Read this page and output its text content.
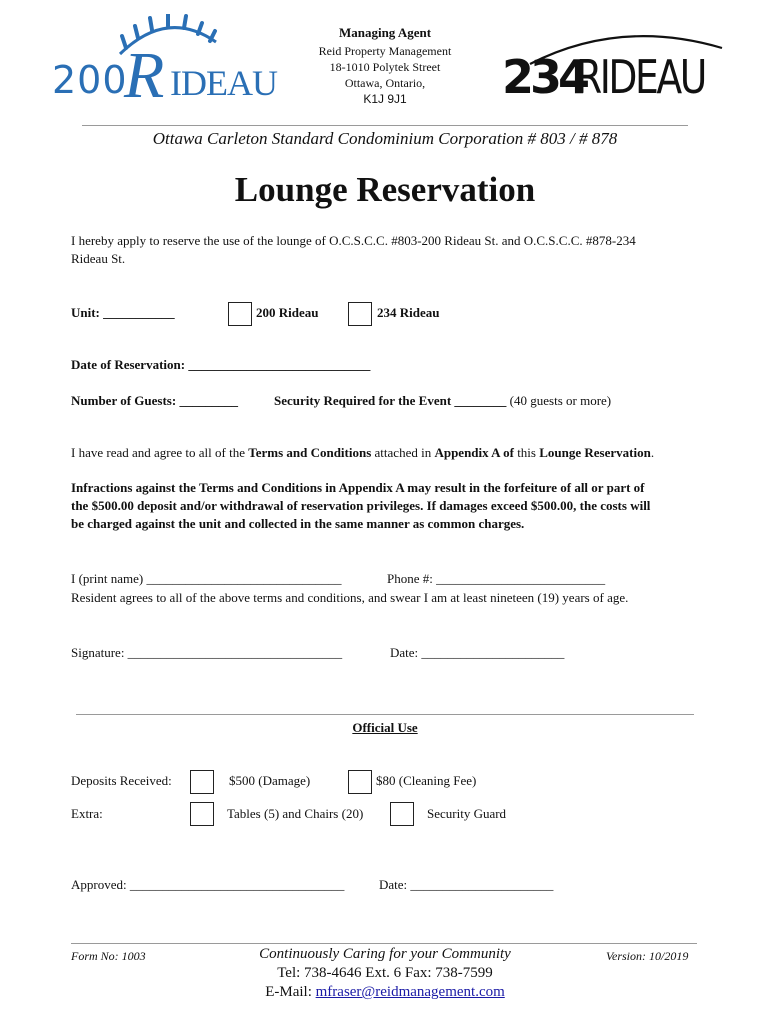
200
R IDEAU
Managing Agent
Reid Property Management
18-1010 Polytek Street
Ottawa, Ontario,
K1J 9J1	234
RIDEAU
Ottawa Carleton Standard Condominium Corporation # 803 / # 878
Lounge Reservation
I hereby apply to reserve the use of the lounge of O.C.S.C.C. #803-200 Rideau St. and O.C.S.C.C. #878-234
Rideau St.
Unit: ___________	200 Rideau	234 Rideau
Date of Reservation: ____________________________
Number of Guests: _________	Security Required for the Event ________ (40 guests or more)
I have read and agree to all of the Terms and Conditions attached in Appendix A of this Lounge Reservation.
Infractions against the Terms and Conditions in Appendix A may result in the forfeiture of all or part of
the $500.00 deposit and/or withdrawal of reservation privileges. If damages exceed $500.00, the costs will
be charged against the unit and collected in the same manner as common charges.
I (print name) ______________________________	Phone #: __________________________
Resident agrees to all of the above terms and conditions, and swear I am at least nineteen (19) years of age.
Signature: _________________________________	Date: ______________________
Official Use
Deposits Received:	$500 (Damage)	$80 (Cleaning Fee)
Extra:	Tables (5) and Chairs (20)	Security Guard
Approved: _________________________________	Date: ______________________
Form No: 1003	Continuously Caring for your Community	Version: 10/2019
Tel: 738-4646 Ext. 6 Fax: 738-7599
E-Mail: mfraser@reidmanagement.com
